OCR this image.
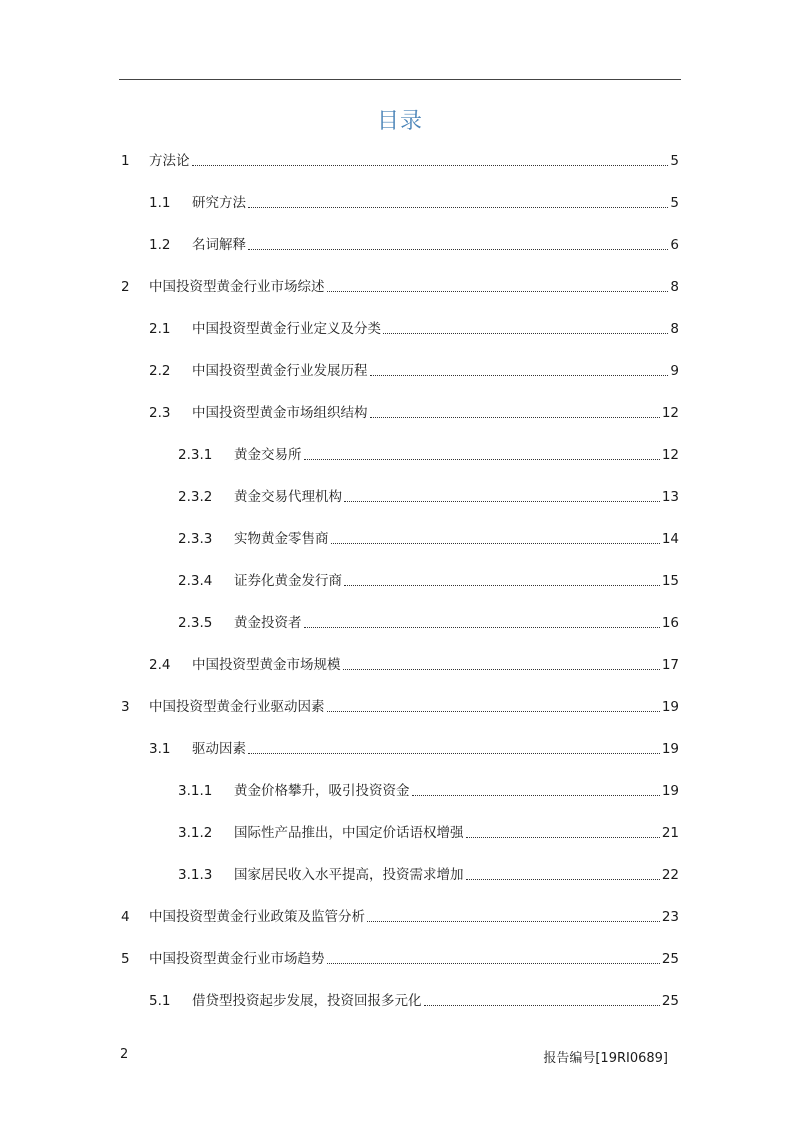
目录
1	方法论	5
1.1	研究方法	5
1.2	名词解释	6
2	中国投资型黄金行业市场综述	8
2.1	中国投资型黄金行业定义及分类	8
2.2	中国投资型黄金行业发展历程	9
2.3	中国投资型黄金市场组织结构	12
2.3.1	黄金交易所	12
2.3.2	黄金交易代理机构	13
2.3.3	实物黄金零售商	14
2.3.4	证券化黄金发行商	15
2.3.5	黄金投资者	16
2.4	中国投资型黄金市场规模	17
3	中国投资型黄金行业驱动因素	19
3.1	驱动因素	19
3.1.1	黄金价格攀升，吸引投资资金	19
3.1.2	国际性产品推出，中国定价话语权增强	21
3.1.3	国家居民收入水平提高，投资需求增加	22
4	中国投资型黄金行业政策及监管分析	23
5	中国投资型黄金行业市场趋势	25
5.1	借贷型投资起步发展，投资回报多元化	25
2	报告编号[19RI0689]
